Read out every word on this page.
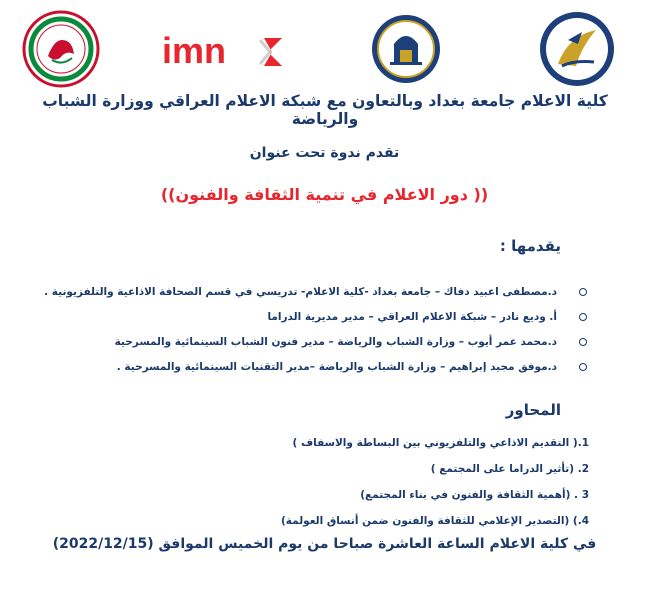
imn
كلية الاعلام جامعة بغداد وبالتعاون مع شبكة الاعلام العراقي ووزارة الشباب والرياضة
تقدم ندوة تحت عنوان
(( دور الاعلام في تنمية الثقافة والفنون))
يقدمها :
د.مصطفى اعبيد دفاك – جامعة بغداد -كلية الاعلام- تدريسي في قسم الصحافة الاذاعية والتلفزيونية .
أ. وديع نادر – شبكة الاعلام العراقي – مدير مديرية الدراما
د.محمد عمر أيوب – وزارة الشباب والرياضة – مدير فنون الشباب السينمائية والمسرحية
د.موفق مجيد إبراهيم – وزارة الشباب والرياضة –مدير التقنيات السينمائية والمسرحية .
المحاور
1.( التقديم الاذاعي والتلفزيوني بين البساطة والاسفاف )
2. (تأثير الدراما على المجتمع )
3 . (أهمية الثقافة والفنون في بناء المجتمع)
4.) (التصدير الإعلامي للثقافة والفنون ضمن أنساق العولمة)
في كلية الاعلام الساعة العاشرة صباحا من يوم الخميس الموافق (2022/12/15)
